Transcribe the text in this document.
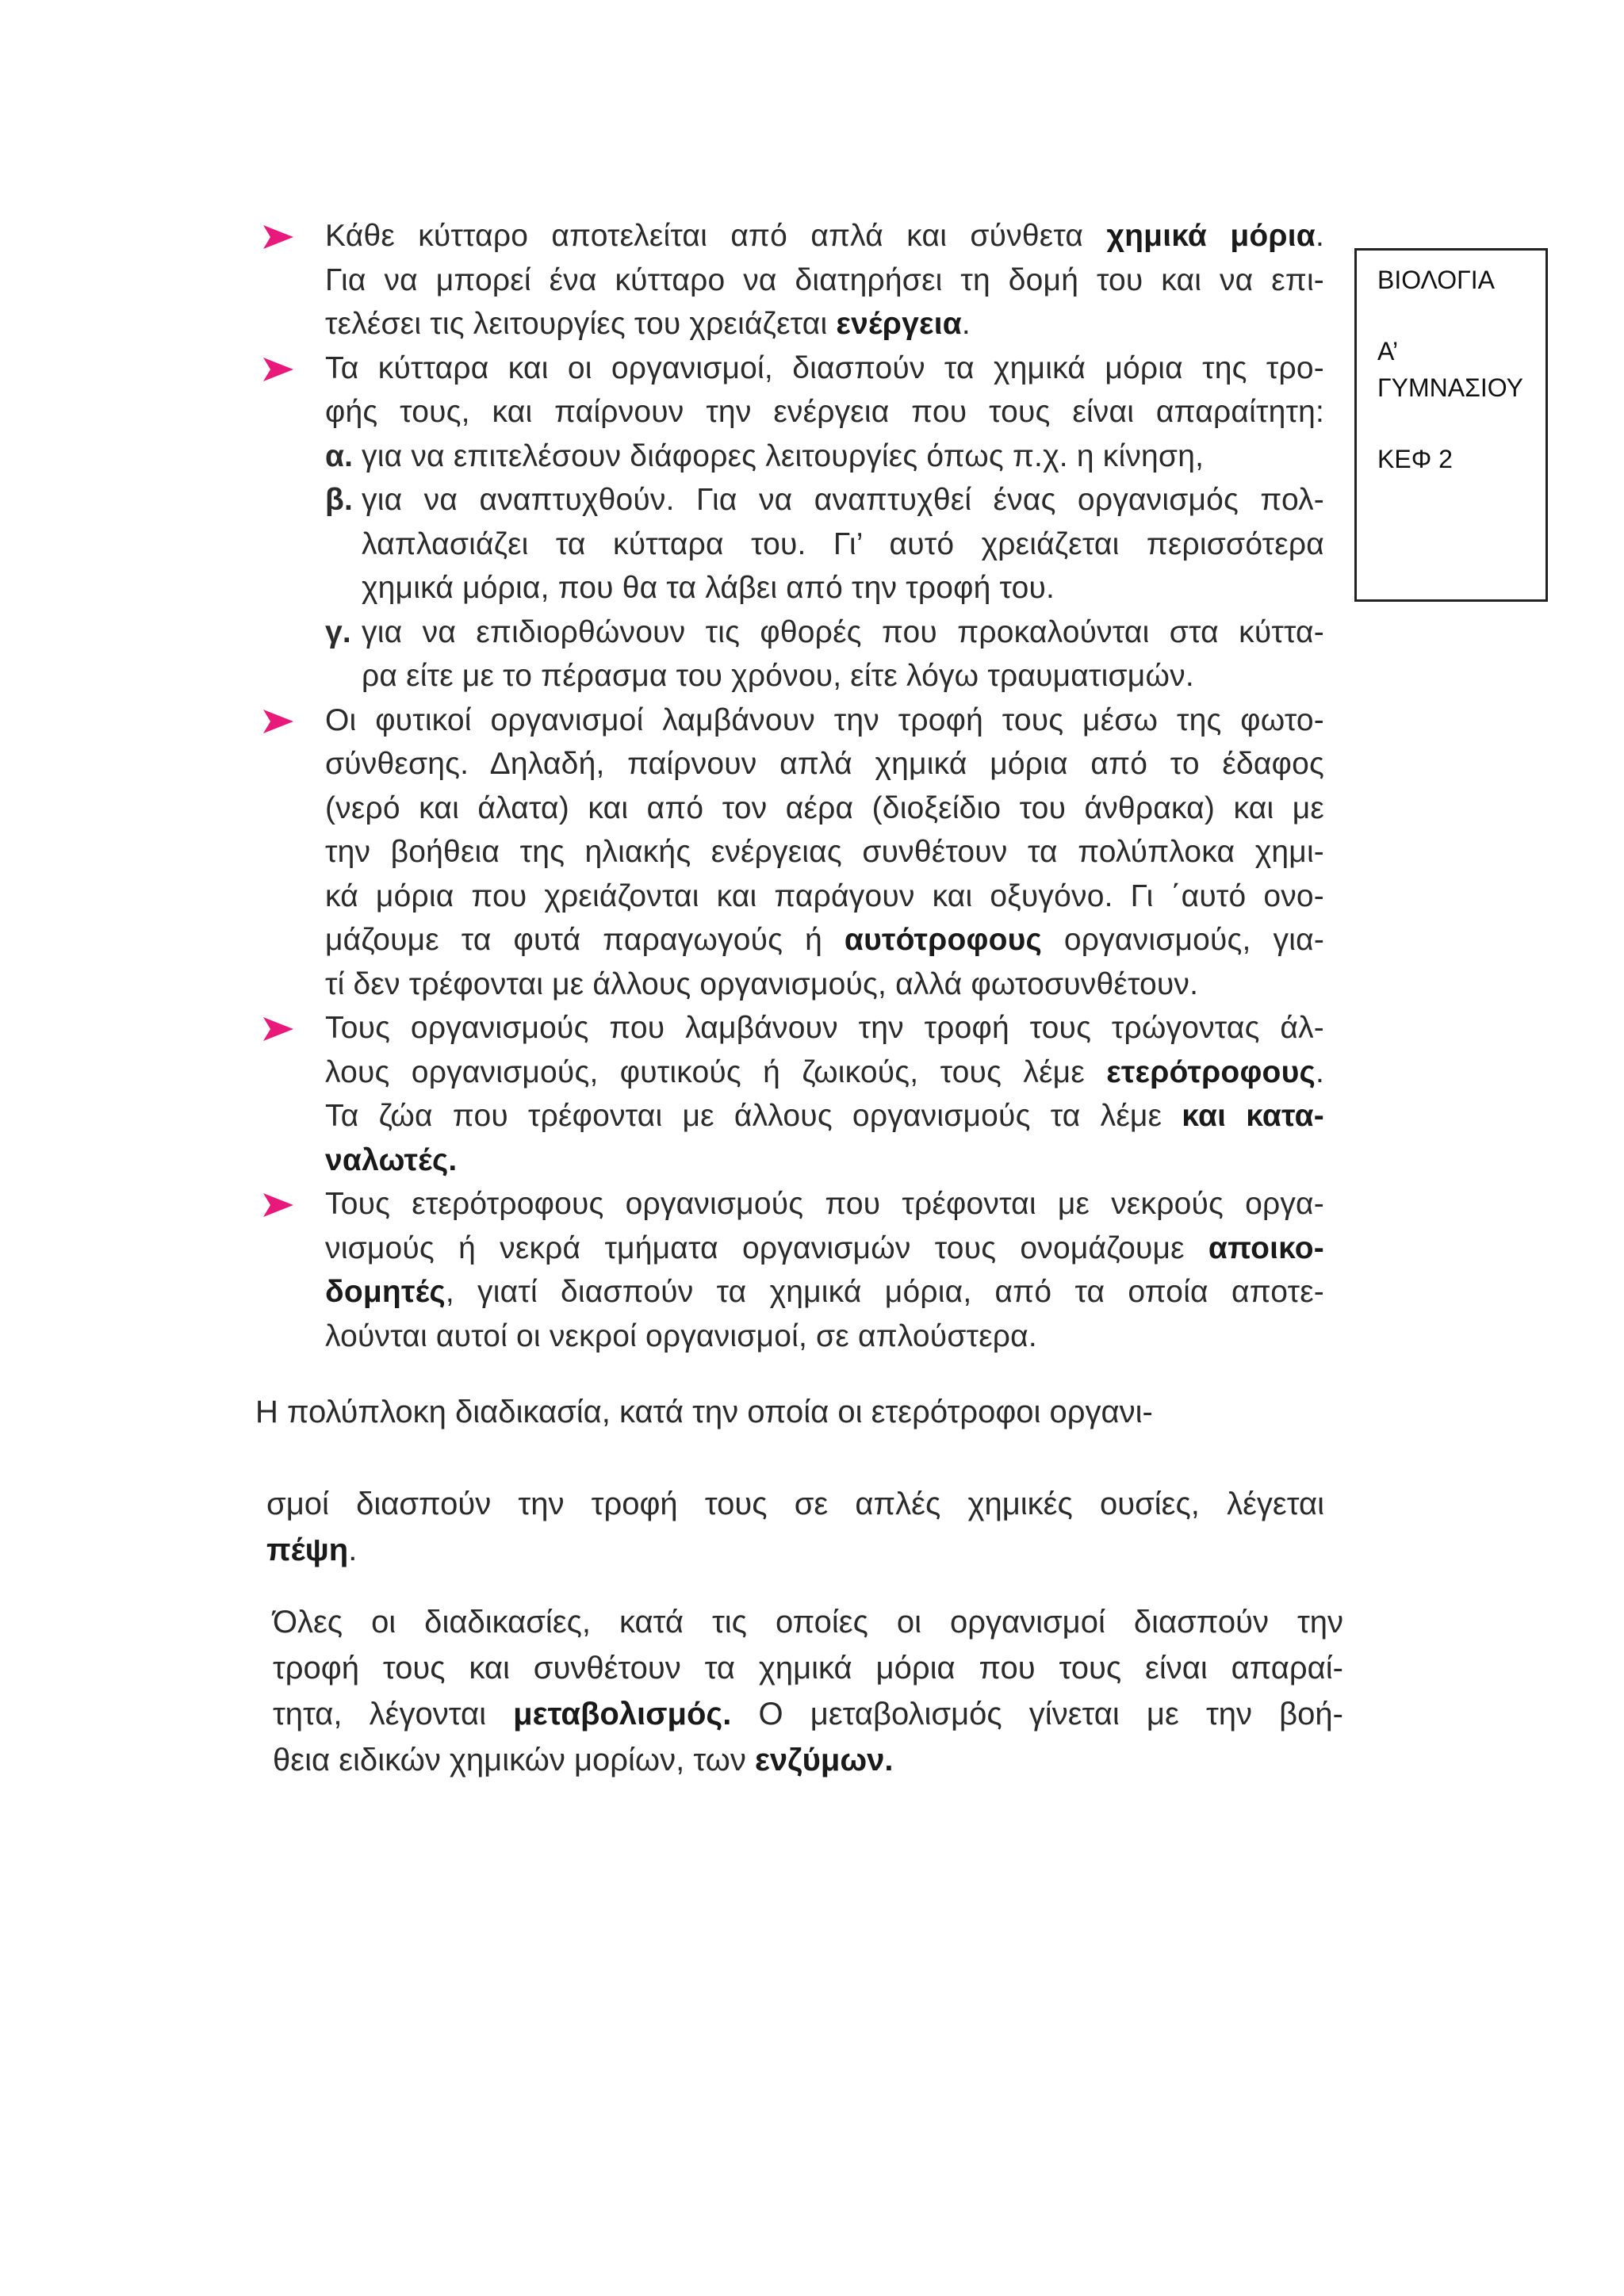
ΒΙΟΛΟΓΙΑ
Α’
ΓΥΜΝΑΣΙΟΥ
ΚΕΦ 2
Κάθε κύτταρο αποτελείται από απλά και σύνθετα χημικά μόρια.
Για να μπορεί ένα κύτταρο να διατηρήσει τη δομή του και να επι-
τελέσει τις λειτουργίες του χρειάζεται ενέργεια.
Τα κύτταρα και οι οργανισμοί, διασπούν τα χημικά μόρια της τρο-
φής τους, και παίρνουν την ενέργεια που τους είναι απαραίτητη:
α. για να επιτελέσουν διάφορες λειτουργίες όπως π.χ. η κίνηση,
β. για να αναπτυχθούν. Για να αναπτυχθεί ένας οργανισμός πολ-
λαπλασιάζει τα κύτταρα του. Γι’ αυτό χρειάζεται περισσότερα
χημικά μόρια, που θα τα λάβει από την τροφή του.
γ. για να επιδιορθώνουν τις φθορές που προκαλούνται στα κύττα-
ρα είτε με το πέρασμα του χρόνου, είτε λόγω τραυματισμών.
Οι φυτικοί οργανισμοί λαμβάνουν την τροφή τους μέσω της φωτο-
σύνθεσης. Δηλαδή, παίρνουν απλά χημικά μόρια από το έδαφος
(νερό και άλατα) και από τον αέρα (διοξείδιο του άνθρακα) και με
την βοήθεια της ηλιακής ενέργειας συνθέτουν τα πολύπλοκα χημι-
κά μόρια που χρειάζονται και παράγουν και οξυγόνο. Γι ΄αυτό ονο-
μάζουμε τα φυτά παραγωγούς ή αυτότροφους οργανισμούς, για-
τί δεν τρέφονται με άλλους οργανισμούς, αλλά φωτοσυνθέτουν.
Τους οργανισμούς που λαμβάνουν την τροφή τους τρώγοντας άλ-
λους οργανισμούς, φυτικούς ή ζωικούς, τους λέμε ετερότροφους.
Τα ζώα που τρέφονται με άλλους οργανισμούς τα λέμε και κατα-
ναλωτές.
Τους ετερότροφους οργανισμούς που τρέφονται με νεκρούς οργα-
νισμούς ή νεκρά τμήματα οργανισμών τους ονομάζουμε αποικο-
δομητές, γιατί διασπούν τα χημικά μόρια, από τα οποία αποτε-
λούνται αυτοί οι νεκροί οργανισμοί, σε απλούστερα.
Η πολύπλοκη διαδικασία, κατά την οποία οι ετερότροφοι οργανι-
σμοί διασπούν την τροφή τους σε απλές χημικές ουσίες, λέγεται
πέψη.
Όλες οι διαδικασίες, κατά τις οποίες οι οργανισμοί διασπούν την
τροφή τους και συνθέτουν τα χημικά μόρια που τους είναι απαραί-
τητα, λέγονται μεταβολισμός. Ο μεταβολισμός γίνεται με την βοή-
θεια ειδικών χημικών μορίων, των ενζύμων.
